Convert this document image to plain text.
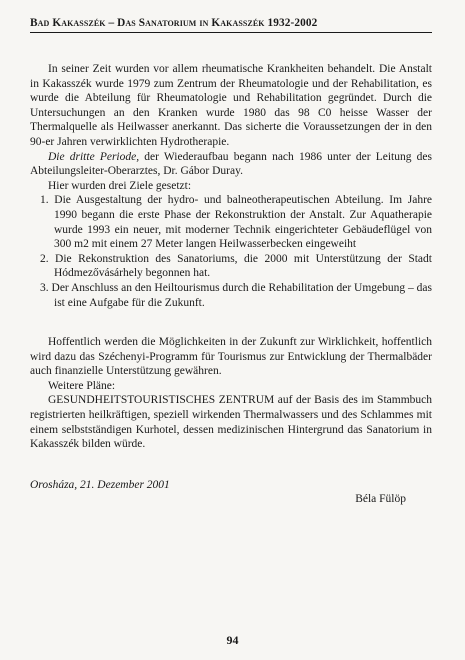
Bad Kakasszék – Das Sanatorium in Kakasszék 1932-2002

In seiner Zeit wurden vor allem rheumatische Krankheiten behandelt. Die Anstalt in Kakasszék wurde 1979 zum Zentrum der Rheumatologie und der Rehabilitation, es wurde die Abteilung für Rheumatologie und Rehabilitation gegründet. Durch die Untersuchungen an den Kranken wurde 1980 das 98 C0 heisse Wasser der Thermalquelle als Heilwasser anerkannt. Das sicherte die Voraussetzungen der in den 90-er Jahren verwirklichten Hydrotherapie.

Die dritte Periode, der Wiederaufbau begann nach 1986 unter der Leitung des Abteilungsleiter-Oberarztes, Dr. Gábor Duray.

Hier wurden drei Ziele gesetzt:

1. Die Ausgestaltung der hydro- und balneotherapeutischen Abteilung. Im Jahre 1990 begann die erste Phase der Rekonstruktion der Anstalt. Zur Aquatherapie wurde 1993 ein neuer, mit moderner Technik eingerichteter Gebäudeflügel von 300 m2 mit einem 27 Meter langen Heilwasserbecken eingeweiht

2. Die Rekonstruktion des Sanatoriums, die 2000 mit Unterstützung der Stadt Hódmezővásárhely begonnen hat.

3. Der Anschluss an den Heiltourismus durch die Rehabilitation der Umgebung – das ist eine Aufgabe für die Zukunft.

Hoffentlich werden die Möglichkeiten in der Zukunft zur Wirklichkeit, hoffentlich wird dazu das Széchenyi-Programm für Tourismus zur Entwicklung der Thermalbäder auch finanzielle Unterstützung gewähren.

Weitere Pläne:

GESUNDHEITSTOURISTISCHES ZENTRUM auf der Basis des im Stammbuch registrierten heilkräftigen, speziell wirkenden Thermalwassers und des Schlammes mit einem selbstständigen Kurhotel, dessen medizinischen Hintergrund das Sanatorium in Kakasszék bilden würde.

Orosháza, 21. Dezember 2001

Béla Fülöp

94
